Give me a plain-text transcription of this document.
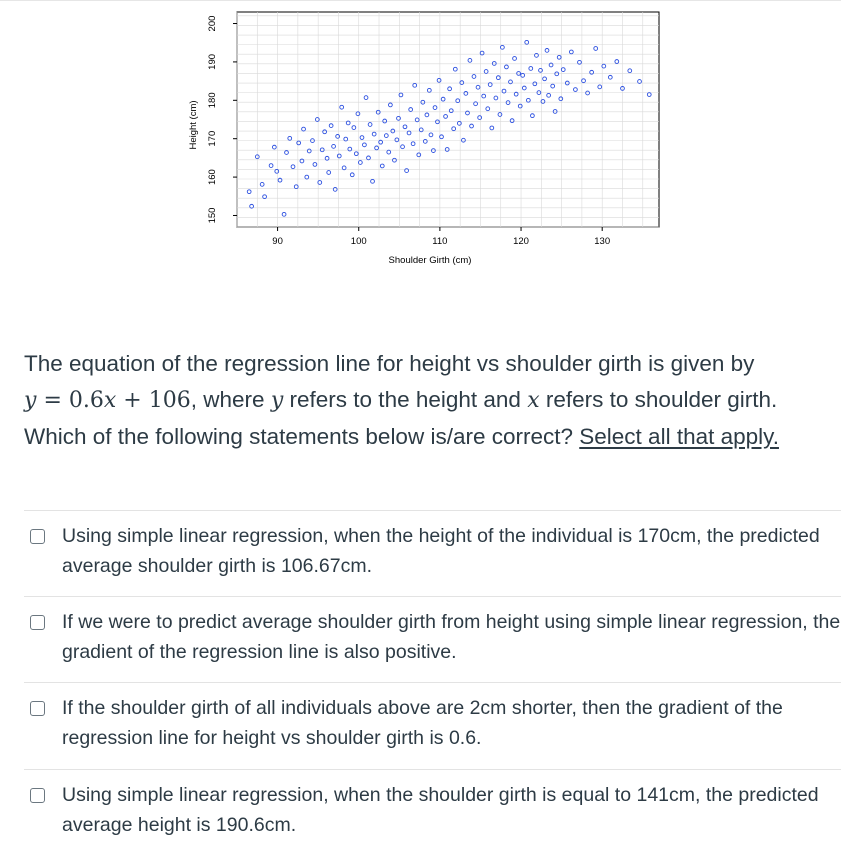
90	100	110	120	130
150
160
170
180
190
200
Shoulder Girth (cm)
Height (cm)
The equation of the regression line for height vs shoulder girth is given by
y = 0.6x + 106, where y refers to the height and x refers to shoulder girth.
Which of the following statements below is/are correct? Select all that apply.
Using simple linear regression, when the height of the individual is 170cm, the predicted average shoulder girth is 106.67cm.
If we were to predict average shoulder girth from height using simple linear regression, the gradient of the regression line is also positive.
If the shoulder girth of all individuals above are 2cm shorter, then the gradient of the regression line for height vs shoulder girth is 0.6.
Using simple linear regression, when the shoulder girth is equal to 141cm, the predicted average height is 190.6cm.
